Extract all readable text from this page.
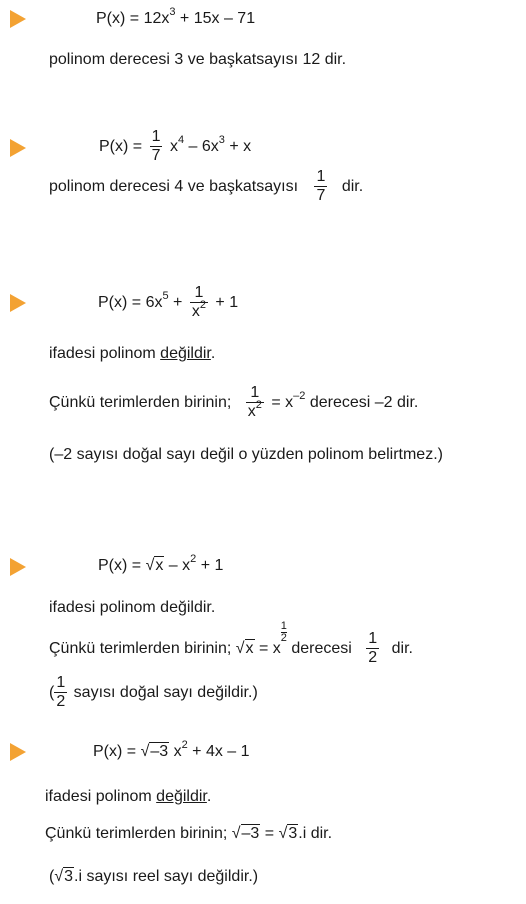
$P(x) = 12x^3 + 15x - 71$
polinom derecesi 3 ve başkatsayısı 12 dir.
$P(x) = \frac{1}{7} x^4 - 6x^3 + x$
polinom derecesi 4 ve başkatsayısı $\frac{1}{7}$ dir.
$P(x) = 6x^5 + \frac{1}{x^2} + 1$
ifadesi polinom değildir.
Çünkü terimlerden birinin; $\frac{1}{x^2} = x^{-2}$ derecesi –2 dir.
(–2 sayısı doğal sayı değil o yüzden polinom belirtmez.)
$P(x) = √x - x^2 + 1$
ifadesi polinom değildir.
Çünkü terimlerden birinin; √x = x
$\frac{1}{2}$
derecesi $\frac{1}{2}$ dir.
( $\frac{1}{2}$ sayısı doğal sayı değildir.)
P(x) = √–3 $x^2 + 4x - 1$
ifadesi polinom değildir.
Çünkü terimlerden birinin; √–3 = √3.i dir.
(√3.i sayısı reel sayı değildir.)
